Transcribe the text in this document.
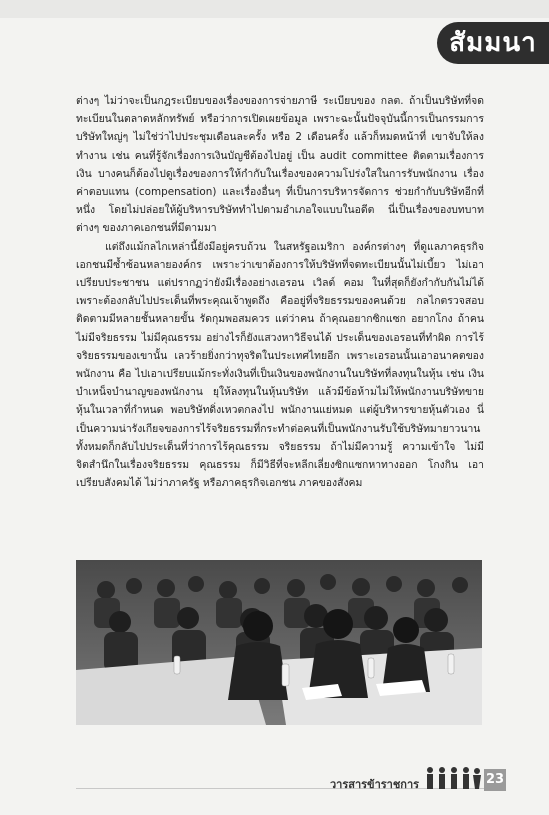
สัมมนา

ต่างๆ ไม่ว่าจะเป็นกฎระเบียบของเรื่องของการจ่ายภาษี ระเบียบของ กลต. ถ้าเป็นบริษัทที่จดทะเบียนในตลาดหลักทรัพย์ หรือว่าการเปิดเผยข้อมูล เพราะฉะนั้นปัจจุบันนี้การเป็นกรรมการบริษัทใหญ่ๆ ไม่ใช่ว่าไปประชุมเดือนละครั้ง หรือ 2 เดือนครั้ง แล้วก็หมดหน้าที่ เขาจับให้ลงทำงาน เช่น คนที่รู้จักเรื่องการเงินบัญชีต้องไปอยู่ เป็น audit committee ติดตามเรื่องการเงิน บางคนก็ต้องไปดูเรื่องของการให้กำกับในเรื่องของความโปร่งใสในการรับพนักงาน เรื่องค่าตอบแทน (compensation) และเรื่องอื่นๆ ที่เป็นการบริหารจัดการ ช่วยกำกับบริษัทอีกที่หนึ่ง โดยไม่ปล่อยให้ผู้บริหารบริษัททำไปตามอำเภอใจแบบในอดีต นี่เป็นเรื่องของบทบาทต่างๆ ของภาคเอกชนที่มีตามมา

แต่ถึงแม้กลไกเหล่านี้ยังมีอยู่ครบถ้วน ในสหรัฐอเมริกา องค์กรต่างๆ ที่ดูแลภาคธุรกิจเอกชนมีซ้ำซ้อนหลายองค์กร เพราะว่าเขาต้องการให้บริษัทที่จดทะเบียนนั้นไม่เบี้ยว ไม่เอาเปรียบประชาชน แต่ปรากฏว่ายังมีเรื่องอย่างเอรอน เวิลด์ คอม ในที่สุดก็ยังกำกับกันไม่ได้ เพราะต้องกลับไปประเด็นที่พระคุณเจ้าพูดถึง คืออยู่ที่จริยธรรมของคนด้วย กลไกตรวจสอบติดตามมีหลายชั้นหลายขั้น รัดกุมพอสมควร แต่ว่าคน ถ้าคุณอยากซิกแซก อยากโกง ถ้าคนไม่มีจริยธรรม ไม่มีคุณธรรม อย่างไรก็ยังแสวงหาวิธีจนได้ ประเด็นของเอรอนที่ทำผิด การไร้จริยธรรมของเขานั้น เลวร้ายยิ่งกว่าทุจริตในประเทศไทยอีก เพราะเอรอนนั้นเอาอนาคตของพนักงาน คือ ไปเอาเปรียบแม้กระทั่งเงินที่เป็นเงินของพนักงานในบริษัทที่ลงทุนในหุ้น เช่น เงินบำเหน็จบำนาญของพนักงาน ยุให้ลงทุนในหุ้นบริษัท แล้วมีข้อห้ามไม่ให้พนักงานบริษัทขายหุ้นในเวลาที่กำหนด พอบริษัทดิ่งเหวตกลงไป พนักงานแย่หมด แต่ผู้บริหารขายหุ้นตัวเอง นี่เป็นความน่ารังเกียจของการไร้จริยธรรมที่กระทำต่อคนที่เป็นพนักงานรับใช้บริษัทมายาวนาน ทั้งหมดก็กลับไปประเด็นที่ว่าการไร้คุณธรรม จริยธรรม ถ้าไม่มีความรู้ ความเข้าใจ ไม่มีจิตสำนึกในเรื่องจริยธรรม คุณธรรม ก็มีวิธีที่จะหลีกเลี่ยงซิกแซกหาทางออก โกงกิน เอาเปรียบสังคมได้ ไม่ว่าภาครัฐ หรือภาคธุรกิจเอกชน ภาคของสังคม

วารสารข้าราชการ	23
